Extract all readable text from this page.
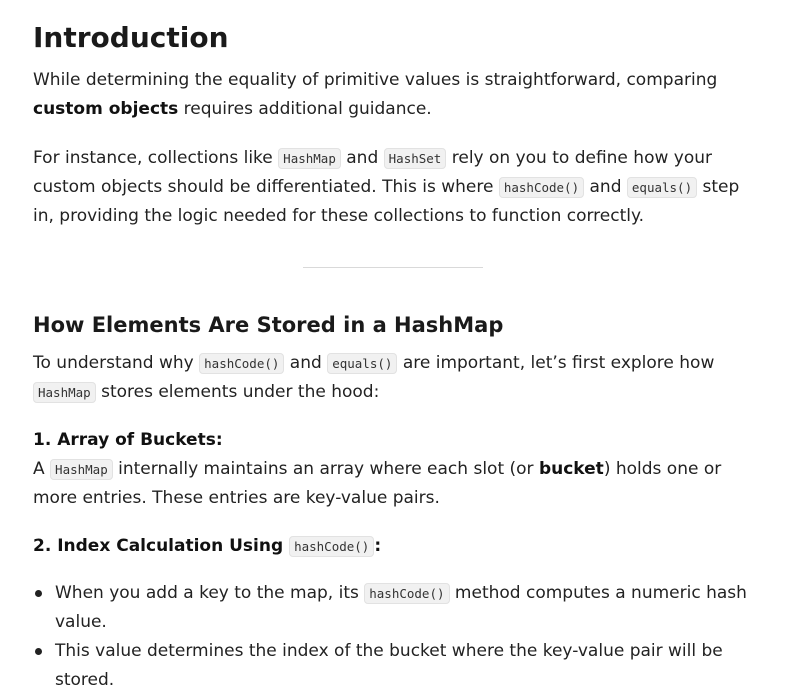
Introduction

While determining the equality of primitive values is straightforward, comparing custom objects requires additional guidance.

For instance, collections like HashMap and HashSet rely on you to define how your custom objects should be differentiated. This is where hashCode() and equals() step in, providing the logic needed for these collections to function correctly.

How Elements Are Stored in a HashMap

To understand why hashCode() and equals() are important, let’s first explore how HashMap stores elements under the hood:

1. Array of Buckets:
A HashMap internally maintains an array where each slot (or bucket) holds one or more entries. These entries are key-value pairs.

2. Index Calculation Using hashCode() :

When you add a key to the map, its hashCode() method computes a numeric hash value.
This value determines the index of the bucket where the key-value pair will be stored.
